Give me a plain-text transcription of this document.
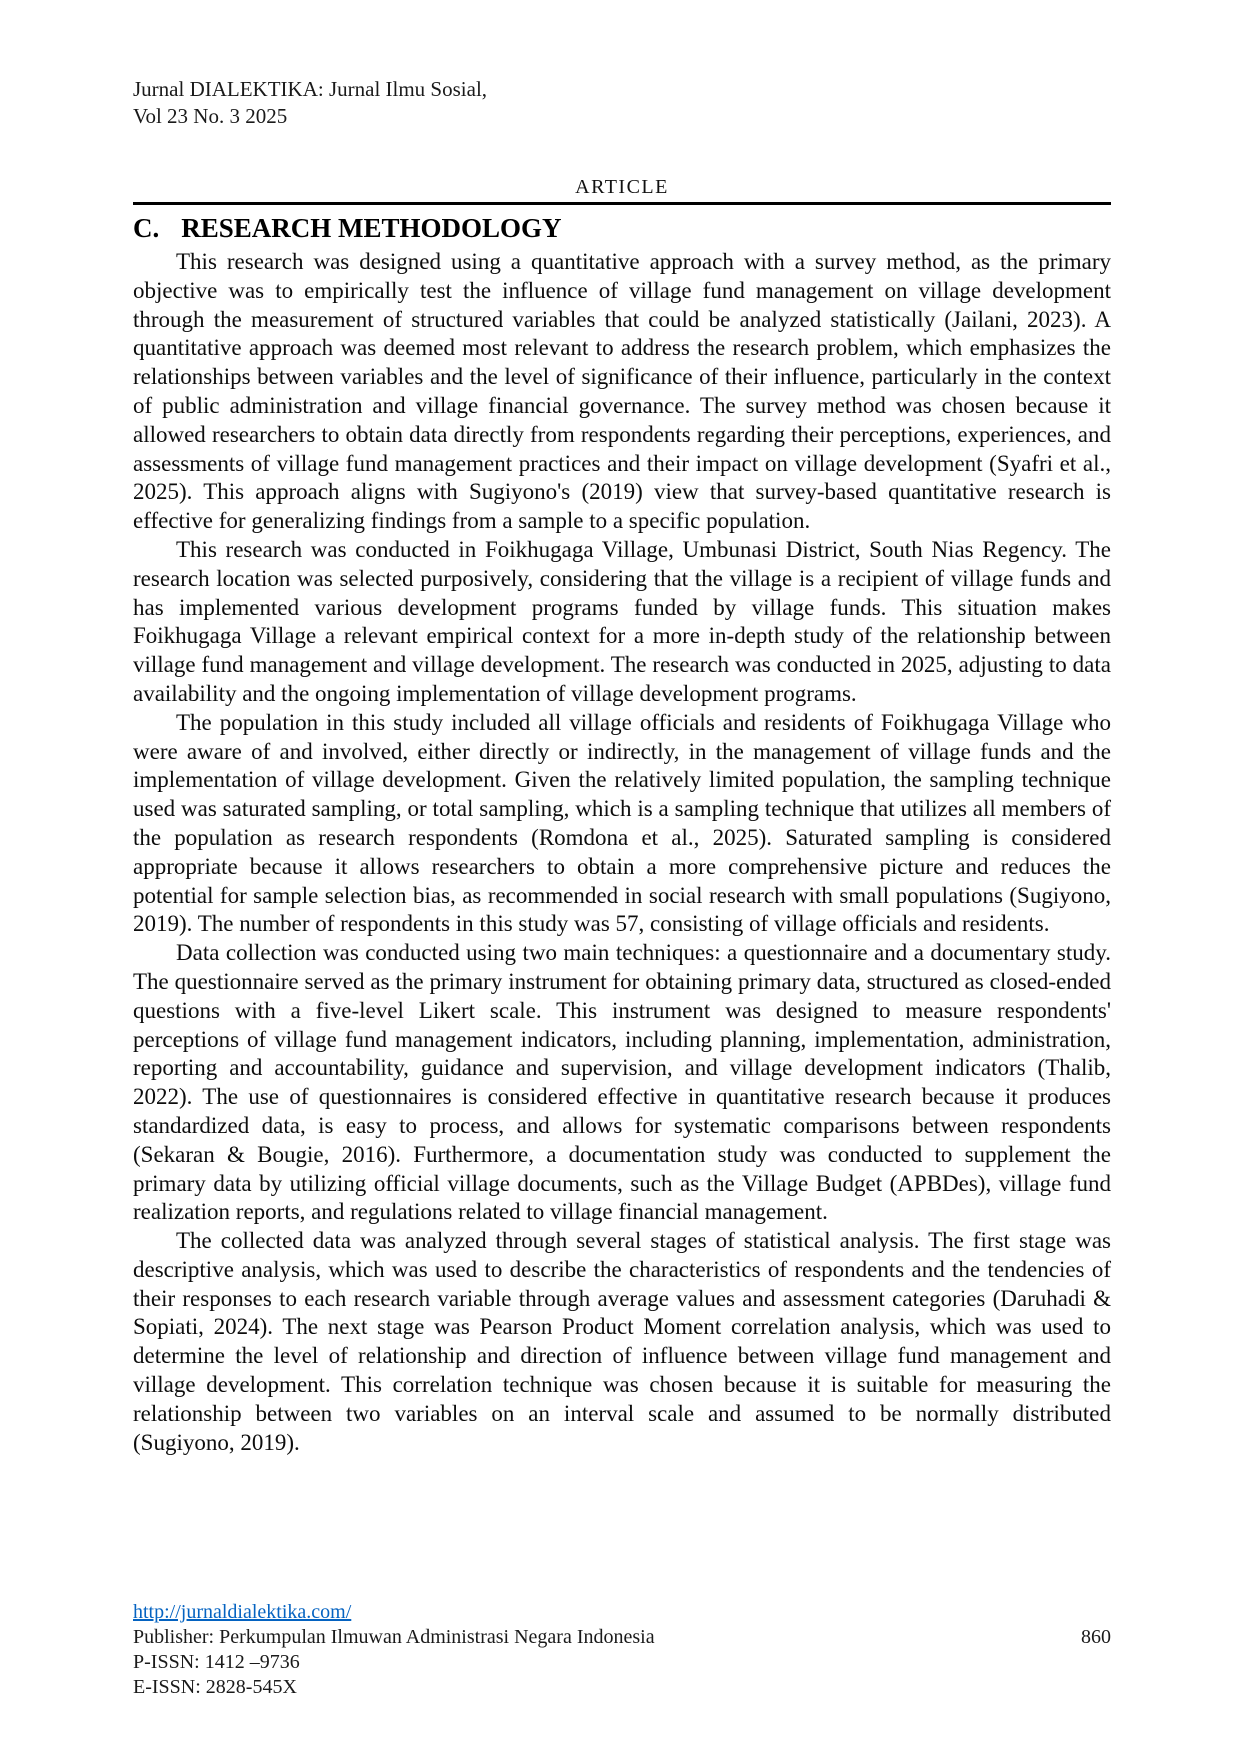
Jurnal DIALEKTIKA: Jurnal Ilmu Sosial,
Vol 23 No. 3 2025
ARTICLE
C. RESEARCH METHODOLOGY

This research was designed using a quantitative approach with a survey method, as the primary objective was to empirically test the influence of village fund management on village development through the measurement of structured variables that could be analyzed statistically (Jailani, 2023). A quantitative approach was deemed most relevant to address the research problem, which emphasizes the relationships between variables and the level of significance of their influence, particularly in the context of public administration and village financial governance. The survey method was chosen because it allowed researchers to obtain data directly from respondents regarding their perceptions, experiences, and assessments of village fund management practices and their impact on village development (Syafri et al., 2025). This approach aligns with Sugiyono's (2019) view that survey-based quantitative research is effective for generalizing findings from a sample to a specific population.

This research was conducted in Foikhugaga Village, Umbunasi District, South Nias Regency. The research location was selected purposively, considering that the village is a recipient of village funds and has implemented various development programs funded by village funds. This situation makes Foikhugaga Village a relevant empirical context for a more in-depth study of the relationship between village fund management and village development. The research was conducted in 2025, adjusting to data availability and the ongoing implementation of village development programs.

The population in this study included all village officials and residents of Foikhugaga Village who were aware of and involved, either directly or indirectly, in the management of village funds and the implementation of village development. Given the relatively limited population, the sampling technique used was saturated sampling, or total sampling, which is a sampling technique that utilizes all members of the population as research respondents (Romdona et al., 2025). Saturated sampling is considered appropriate because it allows researchers to obtain a more comprehensive picture and reduces the potential for sample selection bias, as recommended in social research with small populations (Sugiyono, 2019). The number of respondents in this study was 57, consisting of village officials and residents.

Data collection was conducted using two main techniques: a questionnaire and a documentary study. The questionnaire served as the primary instrument for obtaining primary data, structured as closed-ended questions with a five-level Likert scale. This instrument was designed to measure respondents' perceptions of village fund management indicators, including planning, implementation, administration, reporting and accountability, guidance and supervision, and village development indicators (Thalib, 2022). The use of questionnaires is considered effective in quantitative research because it produces standardized data, is easy to process, and allows for systematic comparisons between respondents (Sekaran & Bougie, 2016). Furthermore, a documentation study was conducted to supplement the primary data by utilizing official village documents, such as the Village Budget (APBDes), village fund realization reports, and regulations related to village financial management.

The collected data was analyzed through several stages of statistical analysis. The first stage was descriptive analysis, which was used to describe the characteristics of respondents and the tendencies of their responses to each research variable through average values and assessment categories (Daruhadi & Sopiati, 2024). The next stage was Pearson Product Moment correlation analysis, which was used to determine the level of relationship and direction of influence between village fund management and village development. This correlation technique was chosen because it is suitable for measuring the relationship between two variables on an interval scale and assumed to be normally distributed (Sugiyono, 2019).

http://jurnaldialektika.com/
Publisher: Perkumpulan Ilmuwan Administrasi Negara Indonesia	860
P-ISSN: 1412 –9736
E-ISSN: 2828-545X
